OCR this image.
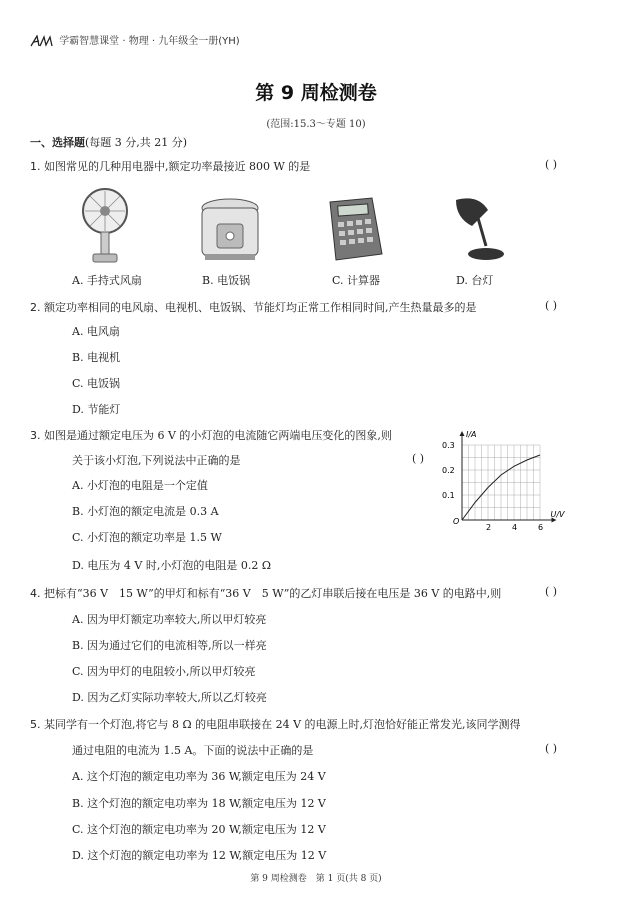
学霸智慧课堂 · 物理 · 九年级全一册(YH)
第 9 周检测卷
(范围:15.3～专题 10)
一、选择题(每题 3 分,共 21 分)
1. 如图常见的几种用电器中,额定功率最接近 800 W 的是	( )
A. 手持式风扇	B. 电饭锅	C. 计算器	D. 台灯
2. 额定功率相同的电风扇、电视机、电饭锅、节能灯均正常工作相同时间,产生热量最多的是	( )
A. 电风扇
B. 电视机
C. 电饭锅
D. 节能灯
3. 如图是通过额定电压为 6 V 的小灯泡的电流随它两端电压变化的图象,则
关于该小灯泡,下列说法中正确的是	( )
A. 小灯泡的电阻是一个定值
B. 小灯泡的额定电流是 0.3 A
C. 小灯泡的额定功率是 1.5 W
D. 电压为 4 V 时,小灯泡的电阻是 0.2 Ω
I/A
U/V
O
2	4	6
0.1
0.2
0.3
4. 把标有“36 V　15 W”的甲灯和标有“36 V　5 W”的乙灯串联后接在电压是 36 V 的电路中,则	( )
A. 因为甲灯额定功率较大,所以甲灯较亮
B. 因为通过它们的电流相等,所以一样亮
C. 因为甲灯的电阻较小,所以甲灯较亮
D. 因为乙灯实际功率较大,所以乙灯较亮
5. 某同学有一个灯泡,将它与 8 Ω 的电阻串联接在 24 V 的电源上时,灯泡恰好能正常发光,该同学测得
通过电阻的电流为 1.5 A。下面的说法中正确的是	( )
A. 这个灯泡的额定电功率为 36 W,额定电压为 24 V
B. 这个灯泡的额定电功率为 18 W,额定电压为 12 V
C. 这个灯泡的额定电功率为 20 W,额定电压为 12 V
D. 这个灯泡的额定电功率为 12 W,额定电压为 12 V
第 9 周检测卷　第 1 页(共 8 页)
